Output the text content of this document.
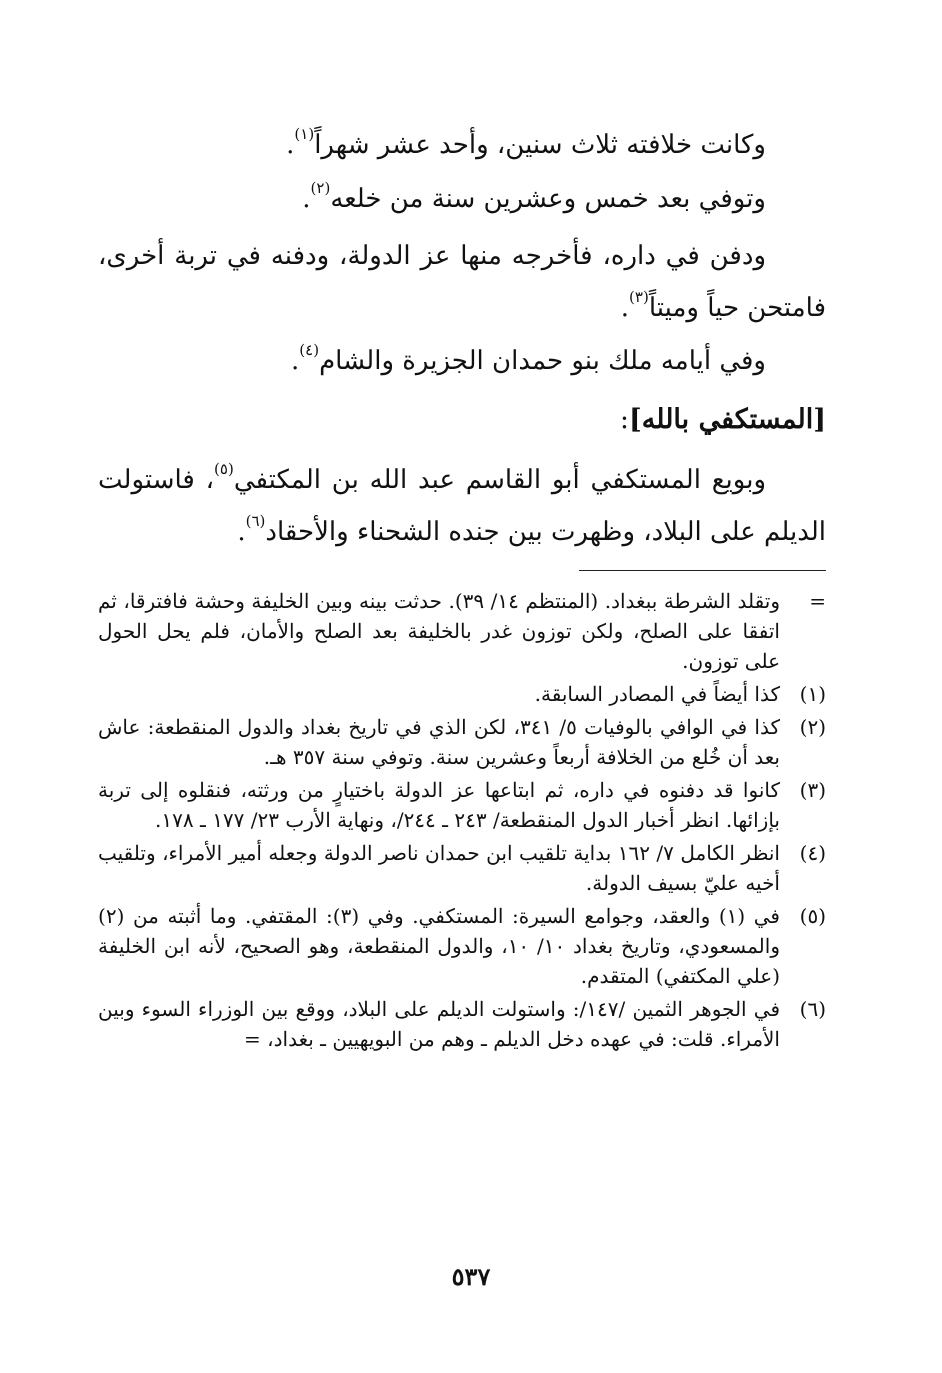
وكانت خلافته ثلاث سنين، وأحد عشر شهراً$^{(١)}$.

وتوفي بعد خمس وعشرين سنة من خلعه$^{(٢)}$.

ودفن في داره، فأخرجه منها عز الدولة، ودفنه في تربة أخرى، فامتحن حياً وميتاً$^{(٣)}$.

وفي أيامه ملك بنو حمدان الجزيرة والشام$^{(٤)}$.

[المستكفي بالله]:

وبويع المستكفي أبو القاسم عبد الله بن المكتفي$^{(٥)}$، فاستولت الديلم على البلاد، وظهرت بين جنده الشحناء والأحقاد$^{(٦)}$.

=
وتقلد الشرطة ببغداد. (المنتظم ١٤/ ٣٩). حدثت بينه وبين الخليفة وحشة فافترقا، ثم اتفقا على الصلح، ولكن توزون غدر بالخليفة بعد الصلح والأمان، فلم يحل الحول على توزون.
(١)
كذا أيضاً في المصادر السابقة.
(٢)
كذا في الوافي بالوفيات ٥/ ٣٤١، لكن الذي في تاريخ بغداد والدول المنقطعة: عاش بعد أن خُلع من الخلافة أربعاً وعشرين سنة. وتوفي سنة ٣٥٧ هـ.
(٣)
كانوا قد دفنوه في داره، ثم ابتاعها عز الدولة باختيارٍ من ورثته، فنقلوه إلى تربة بإزائها. انظر أخبار الدول المنقطعة/ ٢٤٣ ـ ٢٤٤/، ونهاية الأرب ٢٣/ ١٧٧ ـ ١٧٨.
(٤)
انظر الكامل ٧/ ١٦٢ بداية تلقيب ابن حمدان ناصر الدولة وجعله أمير الأمراء، وتلقيب أخيه عليّ بسيف الدولة.
(٥)
في (١) والعقد، وجوامع السيرة: المستكفي. وفي (٣): المقتفي. وما أثبته من (٢) والمسعودي، وتاريخ بغداد ١٠/ ١٠، والدول المنقطعة، وهو الصحيح، لأنه ابن الخليفة (علي المكتفي) المتقدم.
(٦)
في الجوهر الثمين /١٤٧/: واستولت الديلم على البلاد، ووقع بين الوزراء السوء وبين الأمراء. قلت: في عهده دخل الديلم ـ وهم من البويهيين ـ بغداد، =
٥٣٧
